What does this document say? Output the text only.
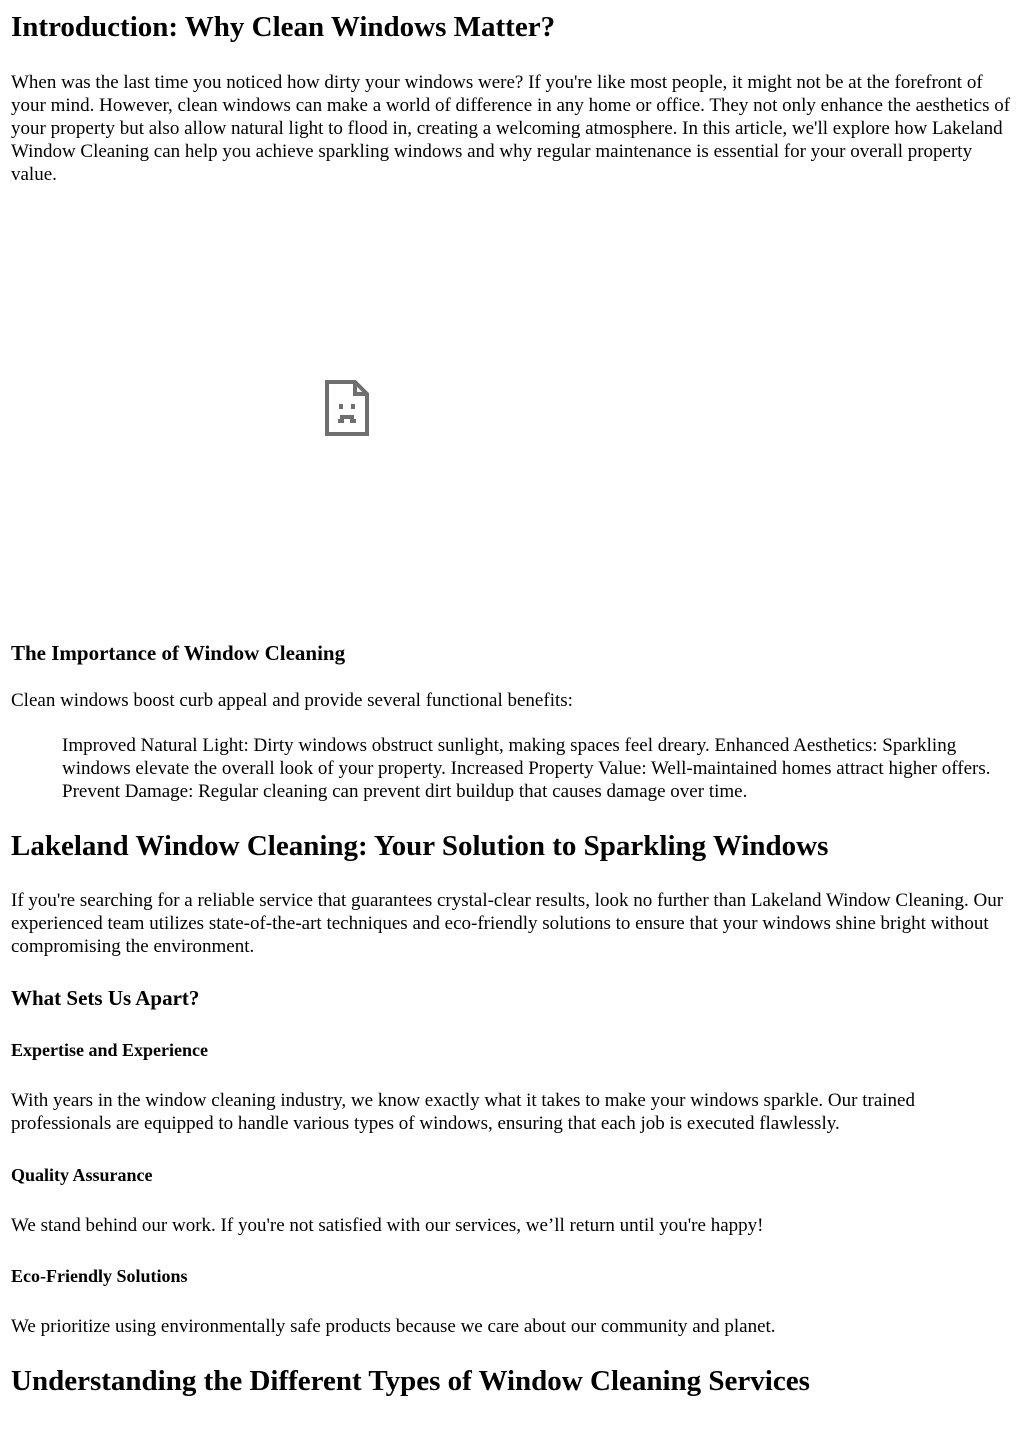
Introduction: Why Clean Windows Matter?

When was the last time you noticed how dirty your windows were? If you're like most people, it might not be at the forefront of your mind. However, clean windows can make a world of difference in any home or office. They not only enhance the aesthetics of your property but also allow natural light to flood in, creating a welcoming atmosphere. In this article, we'll explore how Lakeland Window Cleaning can help you achieve sparkling windows and why regular maintenance is essential for your overall property value.

The Importance of Window Cleaning

Clean windows boost curb appeal and provide several functional benefits:

Improved Natural Light: Dirty windows obstruct sunlight, making spaces feel dreary. Enhanced Aesthetics: Sparkling windows elevate the overall look of your property. Increased Property Value: Well-maintained homes attract higher offers. Prevent Damage: Regular cleaning can prevent dirt buildup that causes damage over time.
Lakeland Window Cleaning: Your Solution to Sparkling Windows

If you're searching for a reliable service that guarantees crystal-clear results, look no further than Lakeland Window Cleaning. Our experienced team utilizes state-of-the-art techniques and eco-friendly solutions to ensure that your windows shine bright without compromising the environment.

What Sets Us Apart?
Expertise and Experience

With years in the window cleaning industry, we know exactly what it takes to make your windows sparkle. Our trained professionals are equipped to handle various types of windows, ensuring that each job is executed flawlessly.

Quality Assurance

We stand behind our work. If you're not satisfied with our services, we’ll return until you're happy!

Eco-Friendly Solutions

We prioritize using environmentally safe products because we care about our community and planet.

Understanding the Different Types of Window Cleaning Services
